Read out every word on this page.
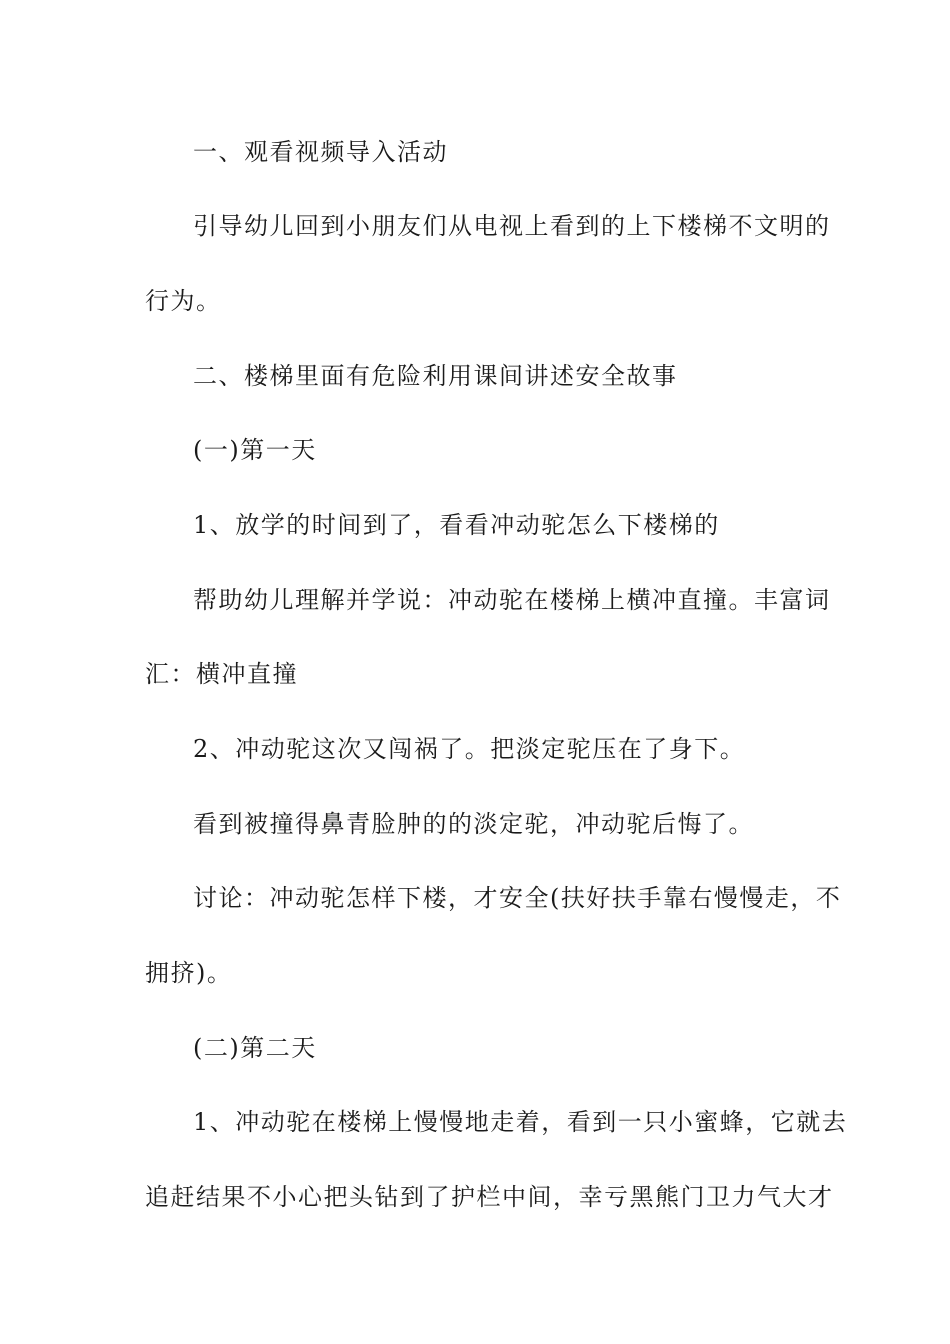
一、观看视频导入活动
引导幼儿回到小朋友们从电视上看到的上下楼梯不文明的
行为。
二、楼梯里面有危险利用课间讲述安全故事
(一)第一天
1、放学的时间到了，看看冲动驼怎么下楼梯的
帮助幼儿理解并学说：冲动驼在楼梯上横冲直撞。丰富词
汇：横冲直撞
2、冲动驼这次又闯祸了。把淡定驼压在了身下。
看到被撞得鼻青脸肿的的淡定驼，冲动驼后悔了。
讨论：冲动驼怎样下楼，才安全(扶好扶手靠右慢慢走，不
拥挤)。
(二)第二天
1、冲动驼在楼梯上慢慢地走着，看到一只小蜜蜂，它就去
追赶结果不小心把头钻到了护栏中间，幸亏黑熊门卫力气大才
